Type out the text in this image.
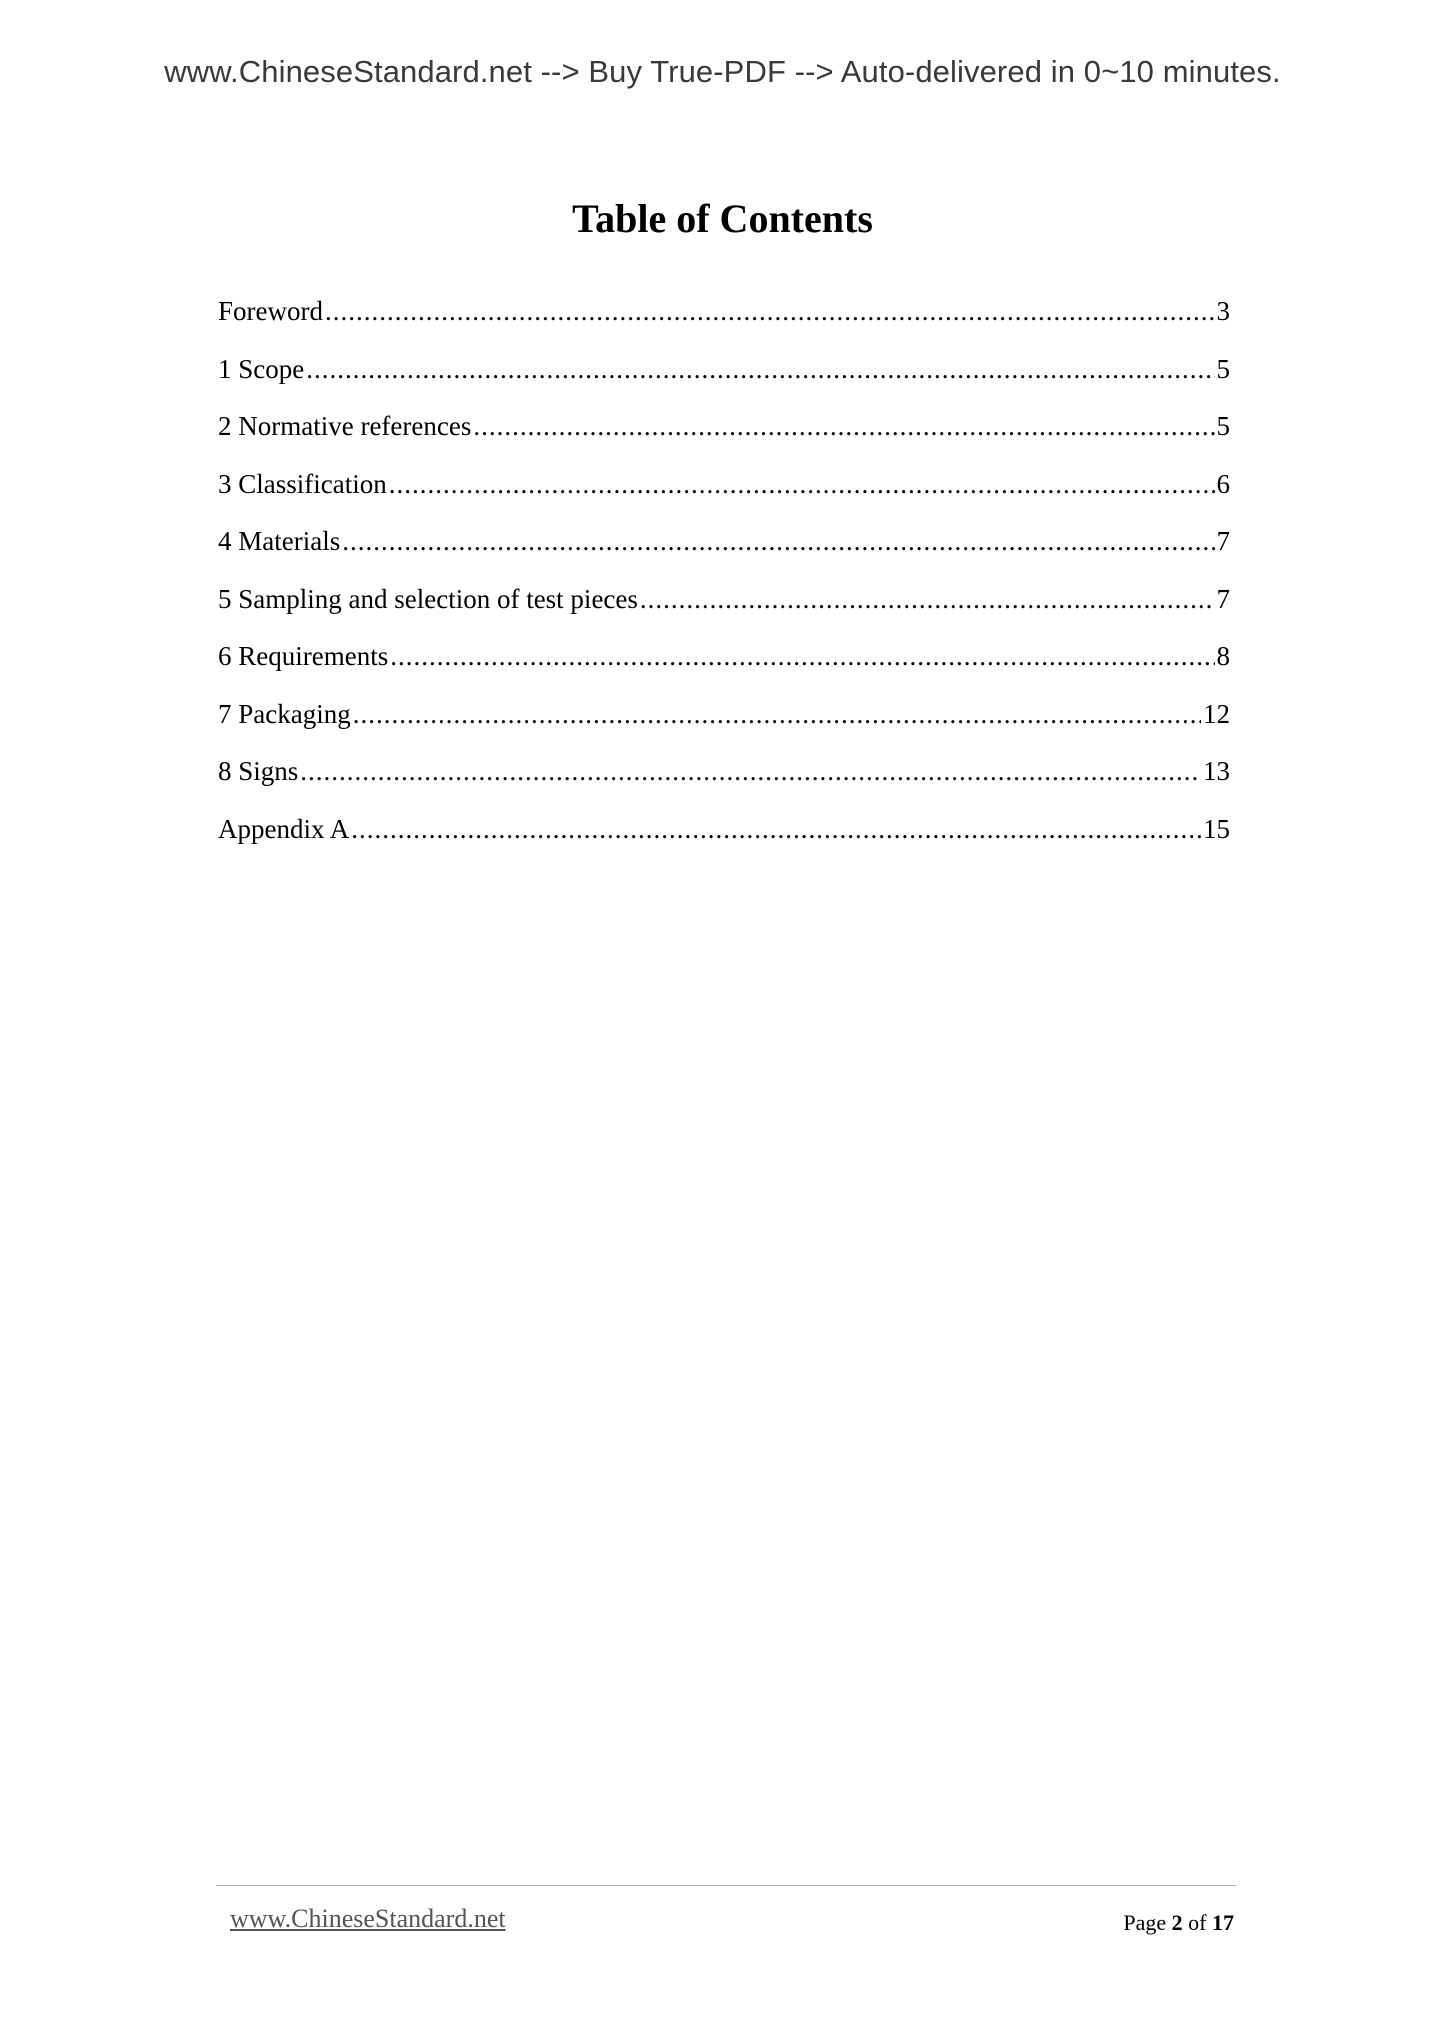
www.ChineseStandard.net --> Buy True-PDF --> Auto-delivered in 0~10 minutes.
Table of Contents
Foreword .....	3
1 Scope .....	5
2 Normative references .....	5
3 Classification .....	6
4 Materials .....	7
5 Sampling and selection of test pieces .....	7
6 Requirements .....	8
7 Packaging .....	12
8 Signs .....	13
Appendix A .....	15
www.ChineseStandard.net	Page 2 of 17
